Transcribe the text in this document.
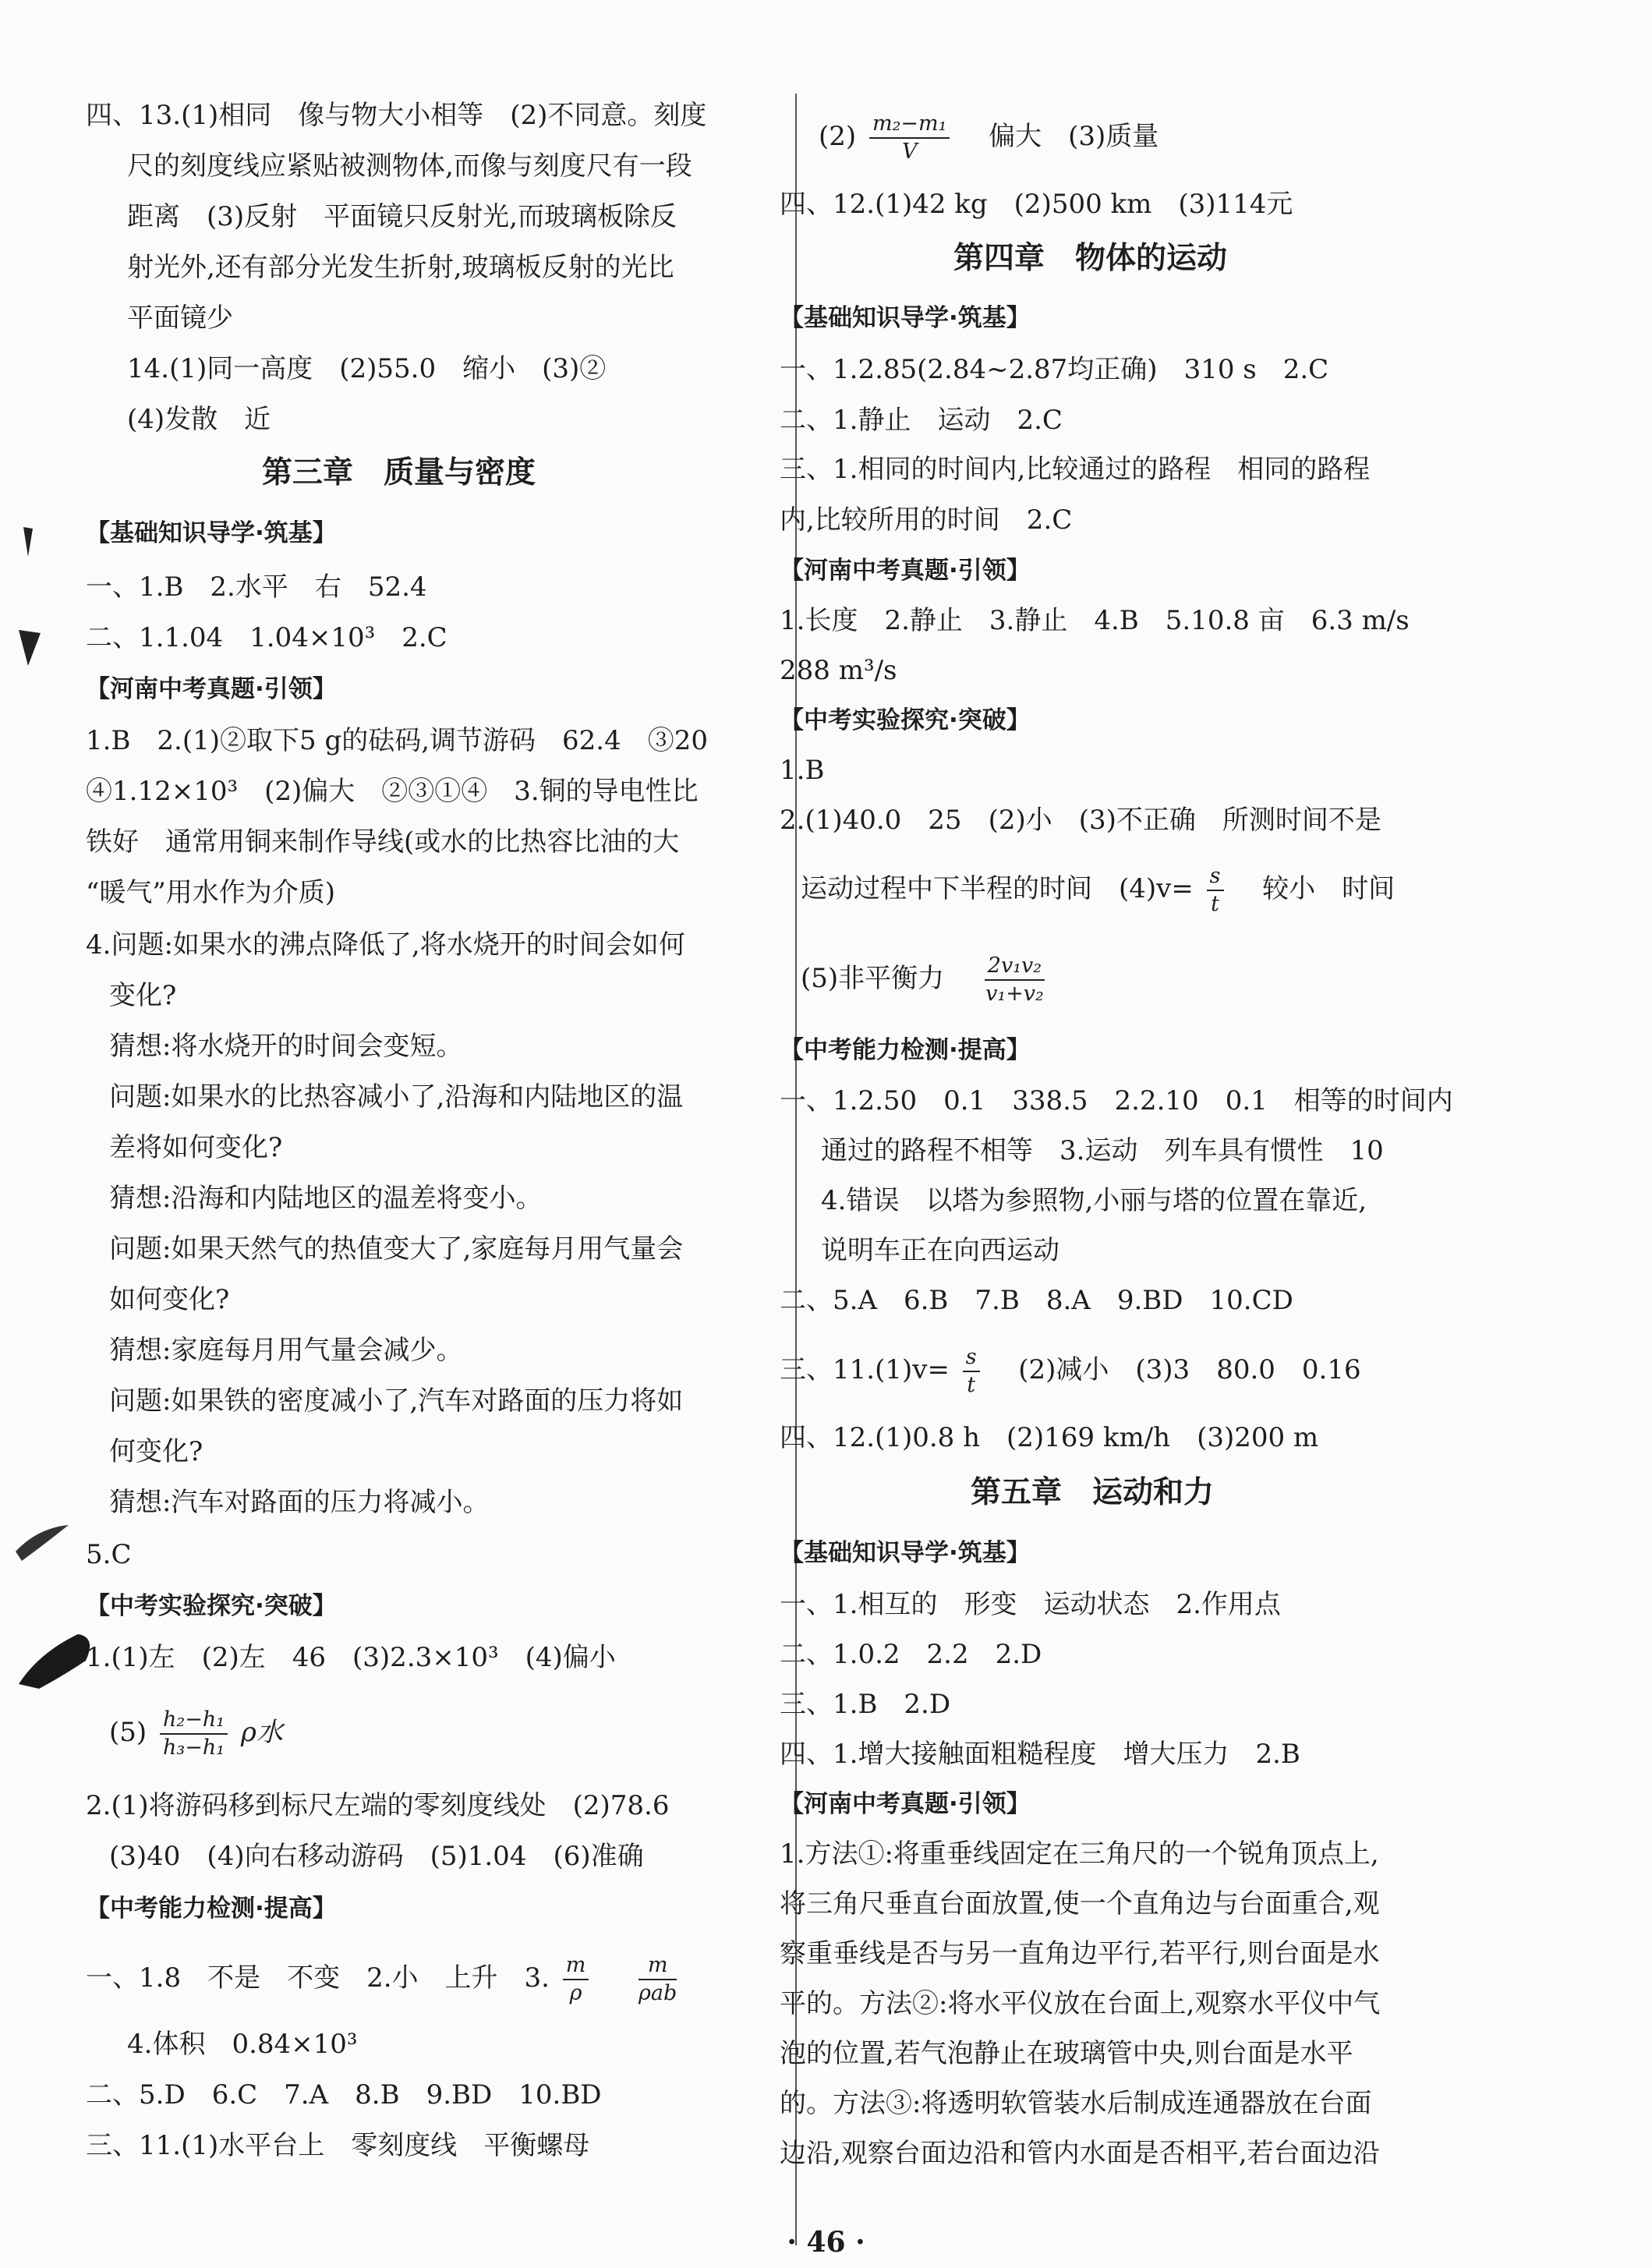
四、13.(1)相同　像与物大小相等　(2)不同意。刻度
尺的刻度线应紧贴被测物体,而像与刻度尺有一段
距离　(3)反射　平面镜只反射光,而玻璃板除反
射光外,还有部分光发生折射,玻璃板反射的光比
平面镜少
14.(1)同一高度　(2)55.0　缩小　(3)②
(4)发散　近
第三章　质量与密度
【基础知识导学·筑基】
一、1.B　2.水平　右　52.4
二、1.1.04　1.04×10³　2.C
【河南中考真题·引领】
1.B　2.(1)②取下5 g的砝码,调节游码　62.4　③20
④1.12×10³　(2)偏大　②③①④　3.铜的导电性比
铁好　通常用铜来制作导线(或水的比热容比油的大
“暖气”用水作为介质)
4.问题:如果水的沸点降低了,将水烧开的时间会如何
变化?
猜想:将水烧开的时间会变短。
问题:如果水的比热容减小了,沿海和内陆地区的温
差将如何变化?
猜想:沿海和内陆地区的温差将变小。
问题:如果天然气的热值变大了,家庭每月用气量会
如何变化?
猜想:家庭每月用气量会减少。
问题:如果铁的密度减小了,汽车对路面的压力将如
何变化?
猜想:汽车对路面的压力将减小。
5.C
【中考实验探究·突破】
1.(1)左　(2)左　46　(3)2.3×10³　(4)偏小
$(5) \frac{\text{h₂−h₁}}{\text{h₃−h₁}}$ ρ水
2.(1)将游码移到标尺左端的零刻度线处　(2)78.6
(3)40　(4)向右移动游码　(5)1.04　(6)准确
【中考能力检测·提高】
一、1.8　不是　不变　2.小　上升　3. $\frac{m}{\rho}$
$\frac{m}{\text{ρab}}$
4.体积　0.84×10³
二、5.D　6.C　7.A　8.B　9.BD　10.BD
三、11.(1)水平台上　零刻度线　平衡螺母
$(2) \frac{\text{m₂−m₁}}{V}$ 偏大　(3)质量
四、12.(1)42 kg　(2)500 km　(3)114元
第四章　物体的运动
【基础知识导学·筑基】
一、1.2.85(2.84~2.87均正确)　310 s　2.C
二、1.静止　运动　2.C
三、1.相同的时间内,比较通过的路程　相同的路程
内,比较所用的时间　2.C
【河南中考真题·引领】
1.长度　2.静止　3.静止　4.B　5.10.8 亩　6.3 m/s
288 m³/s
【中考实验探究·突破】
1.B
2.(1)40.0　25　(2)小　(3)不正确　所测时间不是
运动过程中下半程的时间　$(4)v= \frac{s}{t}$ 较小　时间
(5)非平衡力 $\frac{\text{2v₁v₂}}{\text{v₁+v₂}}$
【中考能力检测·提高】
一、1.2.50　0.1　338.5　2.2.10　0.1　相等的时间内
通过的路程不相等　3.运动　列车具有惯性　10
4.错误　以塔为参照物,小丽与塔的位置在靠近,
说明车正在向西运动
二、5.A　6.B　7.B　8.A　9.BD　10.CD
三、$11.(1)v= \frac{s}{t} (2)$减小　(3)3　80.0　0.16
四、12.(1)0.8 h　(2)169 km/h　(3)200 m
第五章　运动和力
【基础知识导学·筑基】
一、1.相互的　形变　运动状态　2.作用点
二、1.0.2　2.2　2.D
三、1.B　2.D
四、1.增大接触面粗糙程度　增大压力　2.B
【河南中考真题·引领】
1.方法①:将重垂线固定在三角尺的一个锐角顶点上,
将三角尺垂直台面放置,使一个直角边与台面重合,观
察重垂线是否与另一直角边平行,若平行,则台面是水
平的。方法②:将水平仪放在台面上,观察水平仪中气
泡的位置,若气泡静止在玻璃管中央,则台面是水平
的。方法③:将透明软管装水后制成连通器放在台面
边沿,观察台面边沿和管内水面是否相平,若台面边沿
· 46 ·
